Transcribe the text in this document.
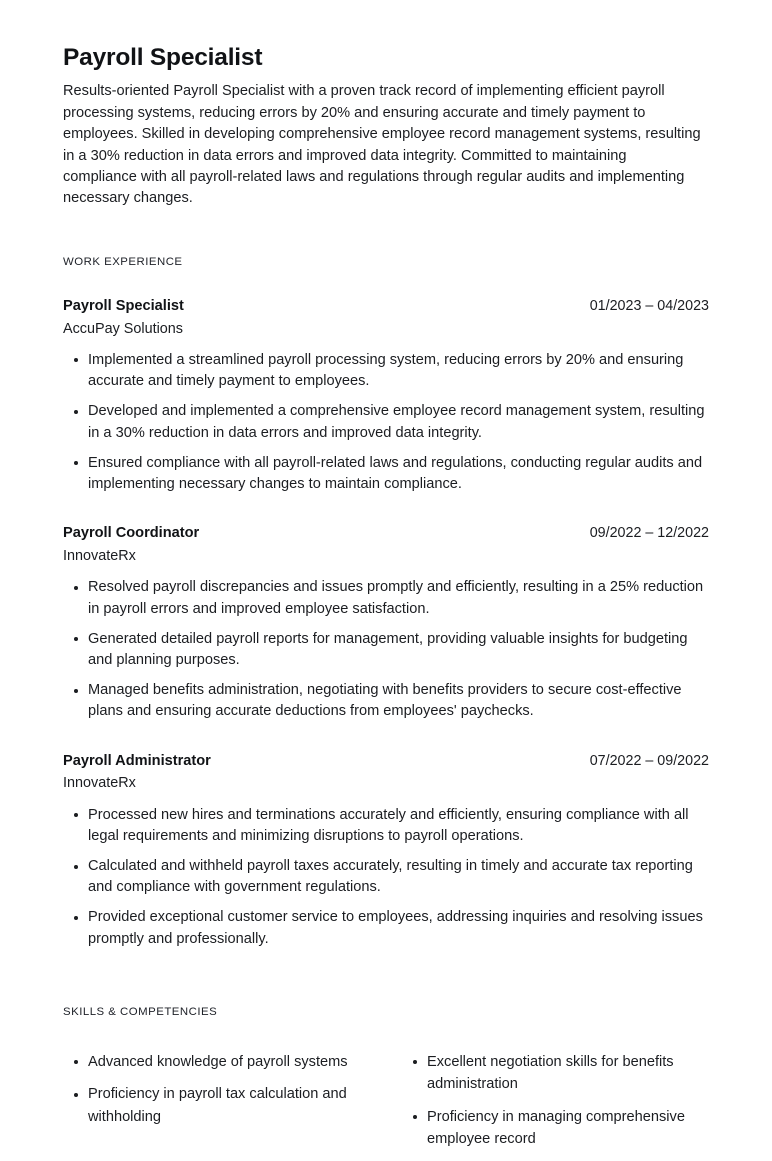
Payroll Specialist

Results-oriented Payroll Specialist with a proven track record of implementing efficient payroll processing systems, reducing errors by 20% and ensuring accurate and timely payment to employees. Skilled in developing comprehensive employee record management systems, resulting in a 30% reduction in data errors and improved data integrity. Committed to maintaining compliance with all payroll-related laws and regulations through regular audits and implementing necessary changes.

WORK EXPERIENCE
Payroll Specialist	01/2023 – 04/2023
AccuPay Solutions
Implemented a streamlined payroll processing system, reducing errors by 20% and ensuring accurate and timely payment to employees.
Developed and implemented a comprehensive employee record management system, resulting in a 30% reduction in data errors and improved data integrity.
Ensured compliance with all payroll-related laws and regulations, conducting regular audits and implementing necessary changes to maintain compliance.
Payroll Coordinator	09/2022 – 12/2022
InnovateRx
Resolved payroll discrepancies and issues promptly and efficiently, resulting in a 25% reduction in payroll errors and improved employee satisfaction.
Generated detailed payroll reports for management, providing valuable insights for budgeting and planning purposes.
Managed benefits administration, negotiating with benefits providers to secure cost-effective plans and ensuring accurate deductions from employees' paychecks.
Payroll Administrator	07/2022 – 09/2022
InnovateRx
Processed new hires and terminations accurately and efficiently, ensuring compliance with all legal requirements and minimizing disruptions to payroll operations.
Calculated and withheld payroll taxes accurately, resulting in timely and accurate tax reporting and compliance with government regulations.
Provided exceptional customer service to employees, addressing inquiries and resolving issues promptly and professionally.
SKILLS & COMPETENCIES
Advanced knowledge of payroll systems
Proficiency in payroll tax calculation and withholding
Excellent negotiation skills for benefits administration
Proficiency in managing comprehensive employee record
